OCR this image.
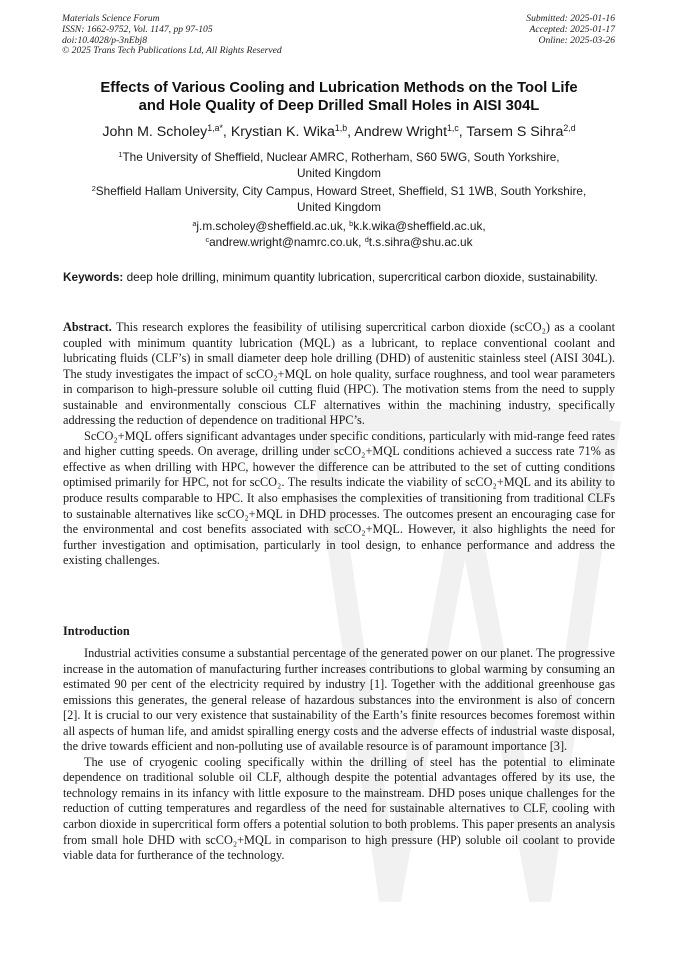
Materials Science Forum
ISSN: 1662-9752, Vol. 1147, pp 97-105
doi:10.4028/p-3nEbj8
© 2025 Trans Tech Publications Ltd, All Rights Reserved
Submitted: 2025-01-16
Accepted: 2025-01-17
Online: 2025-03-26
Effects of Various Cooling and Lubrication Methods on the Tool Life
and Hole Quality of Deep Drilled Small Holes in AISI 304L
John M. Scholey$^{1,a*}$, Krystian K. Wika$^{1,b}$, Andrew Wright$^{1,c}$, Tarsem S Sihra$^{2,d}$
$^1$The University of Sheffield, Nuclear AMRC, Rotherham, S60 5WG, South Yorkshire,
United Kingdom
$^2$Sheffield Hallam University, City Campus, Howard Street, Sheffield, S1 1WB, South Yorkshire,
United Kingdom
$^a$j.m.scholey@sheffield.ac.uk, $^b$k.k.wika@sheffield.ac.uk,
$^c$andrew.wright@namrc.co.uk, $^d$t.s.sihra@shu.ac.uk
Keywords: deep hole drilling, minimum quantity lubrication, supercritical carbon dioxide, sustainability.

Abstract. This research explores the feasibility of utilising supercritical carbon dioxide (scCO₂) as a coolant coupled with minimum quantity lubrication (MQL) as a lubricant, to replace conventional coolant and lubricating fluids (CLF’s) in small diameter deep hole drilling (DHD) of austenitic stainless steel (AISI 304L). The study investigates the impact of scCO₂+MQL on hole quality, surface roughness, and tool wear parameters in comparison to high-pressure soluble oil cutting fluid (HPC). The motivation stems from the need to supply sustainable and environmentally conscious CLF alternatives within the machining industry, specifically addressing the reduction of dependence on traditional HPC’s.

ScCO₂+MQL offers significant advantages under specific conditions, particularly with mid-range feed rates and higher cutting speeds. On average, drilling under scCO₂+MQL conditions achieved a success rate 71% as effective as when drilling with HPC, however the difference can be attributed to the set of cutting conditions optimised primarily for HPC, not for scCO₂. The results indicate the viability of scCO₂+MQL and its ability to produce results comparable to HPC. It also emphasises the complexities of transitioning from traditional CLFs to sustainable alternatives like scCO₂+MQL in DHD processes. The outcomes present an encouraging case for the environmental and cost benefits associated with scCO₂+MQL. However, it also highlights the need for further investigation and optimisation, particularly in tool design, to enhance performance and address the existing challenges.

Introduction

Industrial activities consume a substantial percentage of the generated power on our planet. The progressive increase in the automation of manufacturing further increases contributions to global warming by consuming an estimated 90 per cent of the electricity required by industry [1]. Together with the additional greenhouse gas emissions this generates, the general release of hazardous substances into the environment is also of concern [2]. It is crucial to our very existence that sustainability of the Earth’s finite resources becomes foremost within all aspects of human life, and amidst spiralling energy costs and the adverse effects of industrial waste disposal, the drive towards efficient and non-polluting use of available resource is of paramount importance [3].

The use of cryogenic cooling specifically within the drilling of steel has the potential to eliminate dependence on traditional soluble oil CLF, although despite the potential advantages offered by its use, the technology remains in its infancy with little exposure to the mainstream. DHD poses unique challenges for the reduction of cutting temperatures and regardless of the need for sustainable alternatives to CLF, cooling with carbon dioxide in supercritical form offers a potential solution to both problems. This paper presents an analysis from small hole DHD with scCO₂+MQL in comparison to high pressure (HP) soluble oil coolant to provide viable data for furtherance of the technology.
